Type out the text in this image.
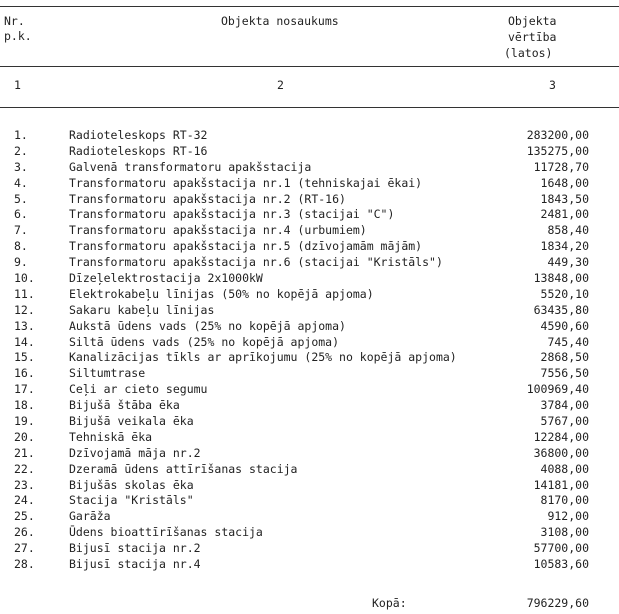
Nr.
p.k.
Objekta nosaukums	Objekta
vērtība
(latos)
1	2	3
1.	Radioteleskops RT-32	283200,00
2.	Radioteleskops RT-16	135275,00
3.	Galvenā transformatoru apakšstacija	11728,70
4.	Transformatoru apakšstacija nr.1 (tehniskajai ēkai)	1648,00
5.	Transformatoru apakšstacija nr.2 (RT-16)	1843,50
6.	Transformatoru apakšstacija nr.3 (stacijai "C")	2481,00
7.	Transformatoru apakšstacija nr.4 (urbumiem)	858,40
8.	Transformatoru apakšstacija nr.5 (dzīvojamām mājām)	1834,20
9.	Transformatoru apakšstacija nr.6 (stacijai "Kristāls")	449,30
10.	Dīzeļelektrostacija 2x1000kW	13848,00
11.	Elektrokabeļu līnijas (50% no kopējā apjoma)	5520,10
12.	Sakaru kabeļu līnijas	63435,80
13.	Aukstā ūdens vads (25% no kopējā apjoma)	4590,60
14.	Siltā ūdens vads (25% no kopējā apjoma)	745,40
15.	Kanalizācijas tīkls ar aprīkojumu (25% no kopējā apjoma)	2868,50
16.	Siltumtrase	7556,50
17.	Ceļi ar cieto segumu	100969,40
18.	Bijušā štāba ēka	3784,00
19.	Bijušā veikala ēka	5767,00
20.	Tehniskā ēka	12284,00
21.	Dzīvojamā māja nr.2	36800,00
22.	Dzeramā ūdens attīrīšanas stacija	4088,00
23.	Bijušās skolas ēka	14181,00
24.	Stacija "Kristāls"	8170,00
25.	Garāža	912,00
26.	Ūdens bioattīrīšanas stacija	3108,00
27.	Bijusī stacija nr.2	57700,00
28.	Bijusī stacija nr.4	10583,60
Kopā:	796229,60
